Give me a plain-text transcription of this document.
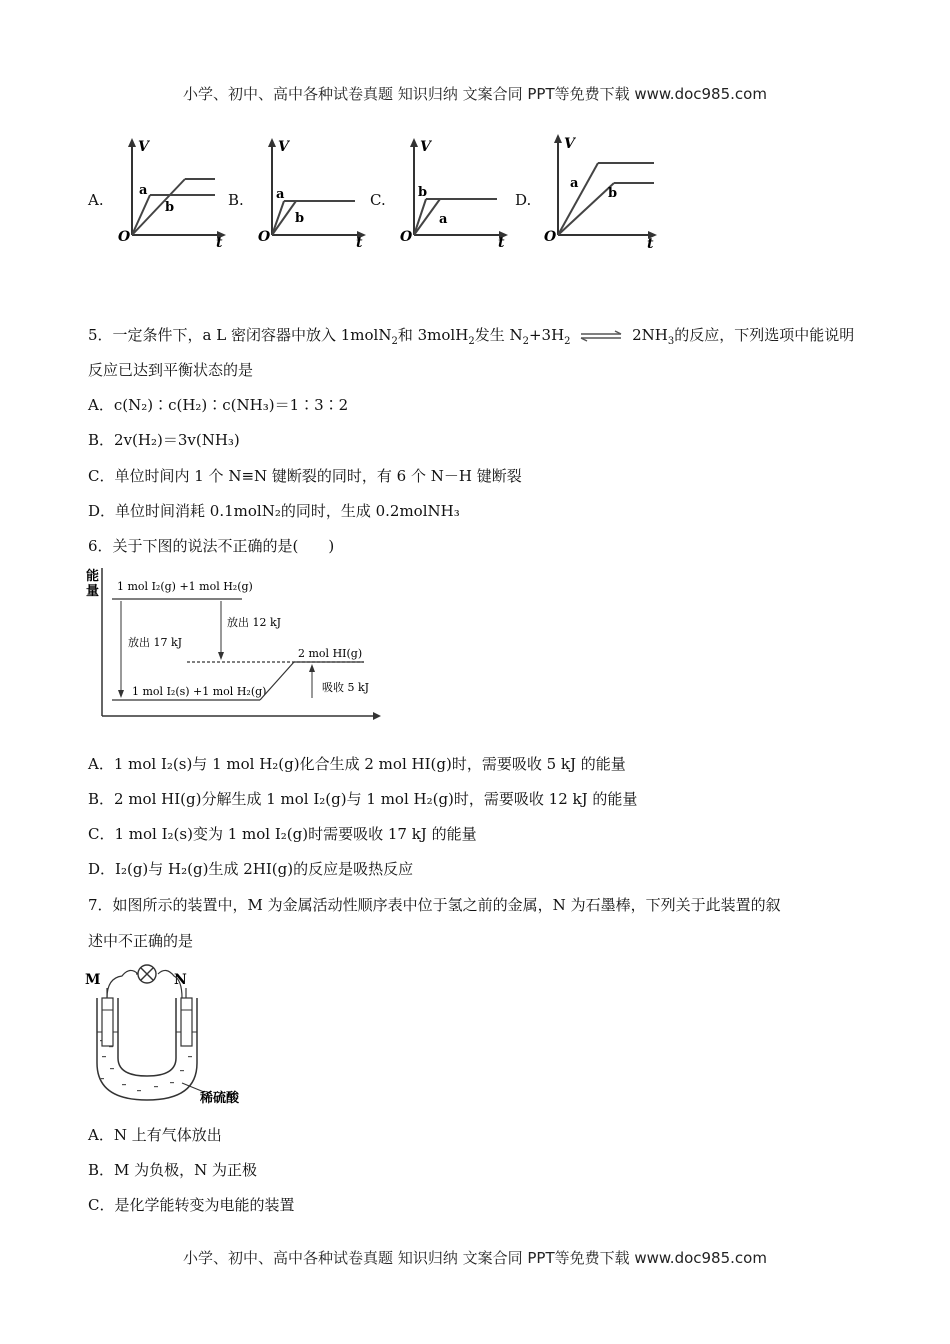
小学、初中、高中各种试卷真题 知识归纳 文案合同 PPT等免费下载 www.doc985.com
A.	B.	C.	D.
V
t
O
a
b
V
t
O
a
b
V
t
O
b
a
V
t
O
a
b
5．一定条件下，a L 密闭容器中放入 1molN$_2$和 3molH$_2$发生 $N_2+3H_2$ ⇌ $2NH_3$的反应，下列选项中能说明
反应已达到平衡状态的是
A．c(N₂)∶c(H₂)∶c(NH₃)＝1∶3∶2
B．2v(H₂)＝3v(NH₃)
C．单位时间内 1 个 N≡N 键断裂的同时，有 6 个 N－H 键断裂
D．单位时间消耗 0.1molN₂的同时，生成 0.2molNH₃
6．关于下图的说法不正确的是(　　)
能
量 1 mol I₂(g) +1 mol H₂(g)
1 mol I₂(s) +1 mol H₂(g)
2 mol HI(g)
放出 17 kJ
放出 12 kJ
吸收 5 kJ
A．1 mol I₂(s)与 1 mol H₂(g)化合生成 2 mol HI(g)时，需要吸收 5 kJ 的能量
B．2 mol HI(g)分解生成 1 mol I₂(g)与 1 mol H₂(g)时，需要吸收 12 kJ 的能量
C．1 mol I₂(s)变为 1 mol I₂(g)时需要吸收 17 kJ 的能量
D．I₂(g)与 H₂(g)生成 2HI(g)的反应是吸热反应
7．如图所示的装置中，M 为金属活动性顺序表中位于氢之前的金属，N 为石墨棒，下列关于此装置的叙
述中不正确的是
M	N
稀硫酸
A．N 上有气体放出
B．M 为负极，N 为正极
C．是化学能转变为电能的装置
小学、初中、高中各种试卷真题 知识归纳 文案合同 PPT等免费下载 www.doc985.com
